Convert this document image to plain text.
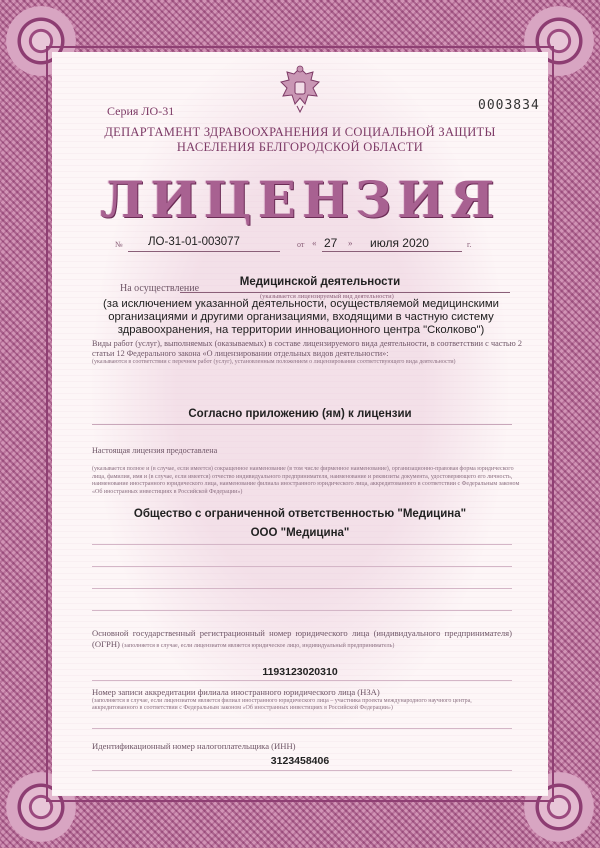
Серия ЛО-31	0003834
ДЕПАРТАМЕНТ ЗДРАВООХРАНЕНИЯ И СОЦИАЛЬНОЙ ЗАЩИТЫ НАСЕЛЕНИЯ БЕЛГОРОДСКОЙ ОБЛАСТИ
ЛИЦЕНЗИЯ
№ ЛО-31-01-003077	от « 27 » июля 2020	г.
На осуществление
Медицинской деятельности
(указывается лицензируемый вид деятельности)
(за исключением указанной деятельности, осуществляемой медицинскими организациями и другими организациями, входящими в частную систему здравоохранения, на территории инновационного центра "Сколково")
Виды работ (услуг), выполняемых (оказываемых) в составе лицензируемого вида деятельности, в соответствии с частью 2 статьи 12 Федерального закона «О лицензировании отдельных видов деятельности»:
(указываются в соответствии с перечнем работ (услуг), установленным положением о лицензировании соответствующего вида деятельности)
Согласно приложению (ям) к лицензии
Настоящая лицензия предоставлена
(указывается полное и (в случае, если имеется) сокращенное наименование (в том числе фирменное наименование), организационно-правовая форма юридического лица, фамилия, имя и (в случае, если имеется) отчество индивидуального предпринимателя, наименование и реквизиты документа, удостоверяющего его личность, наименование иностранного юридического лица, наименование филиала иностранного юридического лица, аккредитованного в соответствии с Федеральным законом «Об иностранных инвестициях в Российской Федерации»)
Общество с ограниченной ответственностью "Медицина"
ООО "Медицина"
Основной государственный регистрационный номер юридического лица (индивидуального предпринимателя) (ОГРН) (заполняется в случае, если лицензиатом является юридическое лицо, индивидуальный предприниматель)
1193123020310
Номер записи аккредитации филиала иностранного юридического лица (НЗА)
(заполняется в случае, если лицензиатом является филиал иностранного юридического лица – участника проекта международного научного центра, аккредитованного в соответствии с Федеральным законом «Об иностранных инвестициях в Российской Федерации»)
Идентификационный номер налогоплательщика (ИНН)
3123458406
